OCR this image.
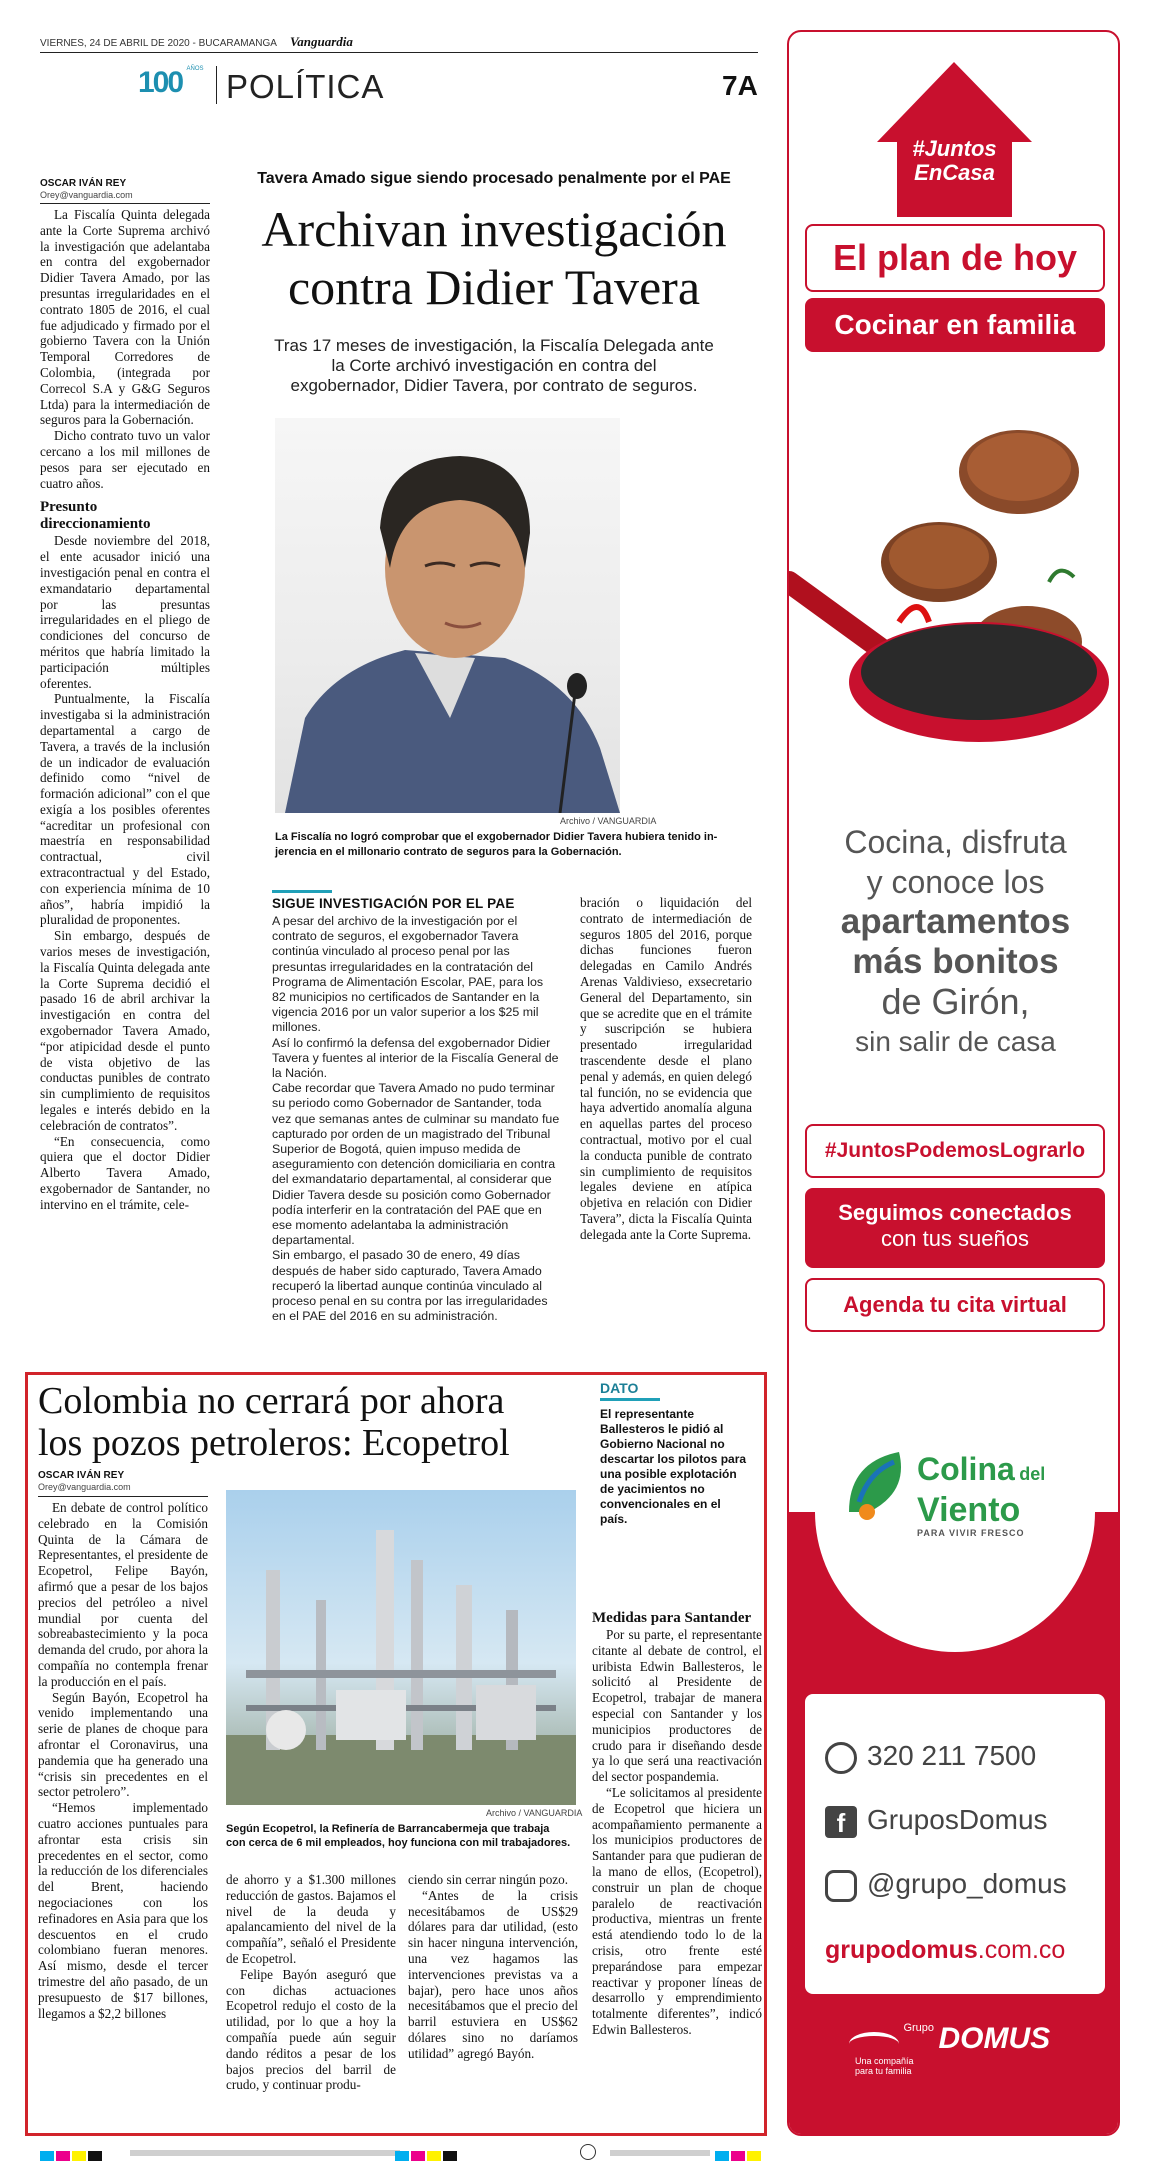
VIERNES, 24 DE ABRIL DE 2020 - BUCARAMANGA Vanguardia
100 $^{AÑOS}$ POLÍTICA	7A
OSCAR IVÁN REY
Orey@vanguardia.com

La Fiscalía Quinta delegada ante la Corte Suprema archivó la investigación que adelantaba en contra del exgobernador Didier Tavera Amado, por las presuntas irregularidades en el contrato 1805 de 2016, el cual fue adjudicado y firmado por el gobierno Tavera con la Unión Temporal Corredores de Colombia, (integrada por Correcol S.A y G&G Seguros Ltda) para la intermediación de seguros para la Gobernación.

Dicho contrato tuvo un valor cercano a los mil millones de pesos para ser ejecutado en cuatro años.

Presunto direccionamiento

Desde noviembre del 2018, el ente acusador inició una investigación penal en contra el exmandatario departamental por las presuntas irregularidades en el pliego de condiciones del concurso de méritos que habría limitado la participación múltiples oferentes.

Puntualmente, la Fiscalía investigaba si la administración departamental a cargo de Tavera, a través de la inclusión de un indicador de evaluación definido como “nivel de formación adicional” con el que exigía a los posibles oferentes “acreditar un profesional con maestría en responsabilidad contractual, civil extracontractual y del Estado, con experiencia mínima de 10 años”, habría impidió la pluralidad de proponentes.

Sin embargo, después de varios meses de investigación, la Fiscalía Quinta delegada ante la Corte Suprema decidió el pasado 16 de abril archivar la investigación en contra del exgobernador Tavera Amado, “por atipicidad desde el punto de vista objetivo de las conductas punibles de contrato sin cumplimiento de requisitos legales e interés debido en la celebración de contratos”.

“En consecuencia, como quiera que el doctor Didier Alberto Tavera Amado, exgobernador de Santander, no intervino en el trámite, cele-

Tavera Amado sigue siendo procesado penalmente por el PAE
Archivan investigación
contra Didier Tavera
Tras 17 meses de investigación, la Fiscalía Delegada ante
la Corte archivó investigación en contra del
exgobernador, Didier Tavera, por contrato de seguros.
Archivo / VANGUARDIA
La Fiscalía no logró comprobar que el exgobernador Didier Tavera hubiera tenido in-
jerencia en el millonario contrato de seguros para la Gobernación.
SIGUE INVESTIGACIÓN POR EL PAE

A pesar del archivo de la investigación por el contrato de seguros, el exgobernador Tavera continúa vinculado al proceso penal por las presuntas irregularidades en la contratación del Programa de Alimentación Escolar, PAE, para los 82 municipios no certificados de Santander en la vigencia 2016 por un valor superior a los $25 mil millones.

Así lo confirmó la defensa del exgobernador Didier Tavera y fuentes al interior de la Fiscalía General de la Nación.

Cabe recordar que Tavera Amado no pudo terminar su periodo como Gobernador de Santander, toda vez que semanas antes de culminar su mandato fue capturado por orden de un magistrado del Tribunal Superior de Bogotá, quien impuso medida de aseguramiento con detención domiciliaria en contra del exmandatario departamental, al considerar que Didier Tavera desde su posición como Gobernador podía interferir en la contratación del PAE que en ese momento adelantaba la administración departamental.

Sin embargo, el pasado 30 de enero, 49 días después de haber sido capturado, Tavera Amado recuperó la libertad aunque continúa vinculado al proceso penal en su contra por las irregularidades en el PAE del 2016 en su administración.

bración o liquidación del contrato de intermediación de seguros 1805 del 2016, porque dichas funciones fueron delegadas en Camilo Andrés Arenas Valdivieso, exsecretario General del Departamento, sin que se acredite que en el trámite y suscripción se hubiera presentado irregularidad trascendente desde el plano penal y además, en quien delegó tal función, no se evidencia que haya advertido anomalía alguna en aquellas partes del proceso contractual, motivo por el cual la conducta punible de contrato sin cumplimiento de requisitos legales deviene en atípica objetiva en relación con Didier Tavera”, dicta la Fiscalía Quinta delegada ante la Corte Suprema.

Colombia no cerrará por ahora
los pozos petroleros: Ecopetrol
OSCAR IVÁN REY
Orey@vanguardia.com
DATO
El representante Ballesteros le pidió al Gobierno Nacional no descartar los pilotos para una posible explotación de yacimientos no convencionales en el país.

En debate de control político celebrado en la Comisión Quinta de la Cámara de Representantes, el presidente de Ecopetrol, Felipe Bayón, afirmó que a pesar de los bajos precios del petróleo a nivel mundial por cuenta del sobreabastecimiento y la poca demanda del crudo, por ahora la compañía no contempla frenar la producción en el país.

Según Bayón, Ecopetrol ha venido implementando una serie de planes de choque para afrontar el Coronavirus, una pandemia que ha generado una “crisis sin precedentes en el sector petrolero”.

“Hemos implementado cuatro acciones puntuales para afrontar esta crisis sin precedentes en el sector, como la reducción de los diferenciales del Brent, haciendo negociaciones con los refinadores en Asia para que los descuentos en el crudo colombiano fueran menores. Así mismo, desde el tercer trimestre del año pasado, de un presupuesto de $17 billones, llegamos a $2,2 billones

Archivo / VANGUARDIA
Según Ecopetrol, la Refinería de Barrancabermeja que trabaja con cerca de 6 mil empleados, hoy funciona con mil trabajadores.

de ahorro y a $1.300 millones reducción de gastos. Bajamos el nivel de la deuda y apalancamiento del nivel de la compañía”, señaló el Presidente de Ecopetrol.

Felipe Bayón aseguró que con dichas actuaciones Ecopetrol redujo el costo de la utilidad, por lo que a hoy la compañía puede aún seguir dando réditos a pesar de los bajos precios del barril de crudo, y continuar produ-

ciendo sin cerrar ningún pozo.

“Antes de la crisis necesitábamos de US$29 dólares para dar utilidad, (esto sin hacer ninguna intervención, una vez hagamos las intervenciones previstas va a bajar), pero hace unos años necesitábamos que el precio del barril estuviera en US$62 dólares sino no daríamos utilidad” agregó Bayón.

Medidas para Santander

Por su parte, el representante citante al debate de control, el uribista Edwin Ballesteros, le solicitó al Presidente de Ecopetrol, trabajar de manera especial con Santander y los municipios productores de crudo para ir diseñando desde ya lo que será una reactivación del sector pospandemia.

“Le solicitamos al presidente de Ecopetrol que hiciera un acompañamiento permanente a los municipios productores de Santander para que pudieran de la mano de ellos, (Ecopetrol), construir un plan de choque paralelo de reactivación productiva, mientras un frente está atendiendo todo lo de la crisis, otro frente esté preparándose para empezar reactivar y proponer líneas de desarrollo y emprendimiento totalmente diferentes”, indicó Edwin Ballesteros.

#Juntos
EnCasa
El plan de hoy
Cocinar en familia
Cocina, disfruta
y conoce los
apartamentos
más bonitos
de Girón,
sin salir de casa
#JuntosPodemosLograrlo
Seguimos conectados
con tus sueños
Agenda tu cita virtual
Colina del
Viento
PARA VIVIR FRESCO
320 211 7500
f GruposDomus
@grupo_domus
grupodomus.com.co
$^{Grupo}$ DOMUS
Una compañía
para tu familia
